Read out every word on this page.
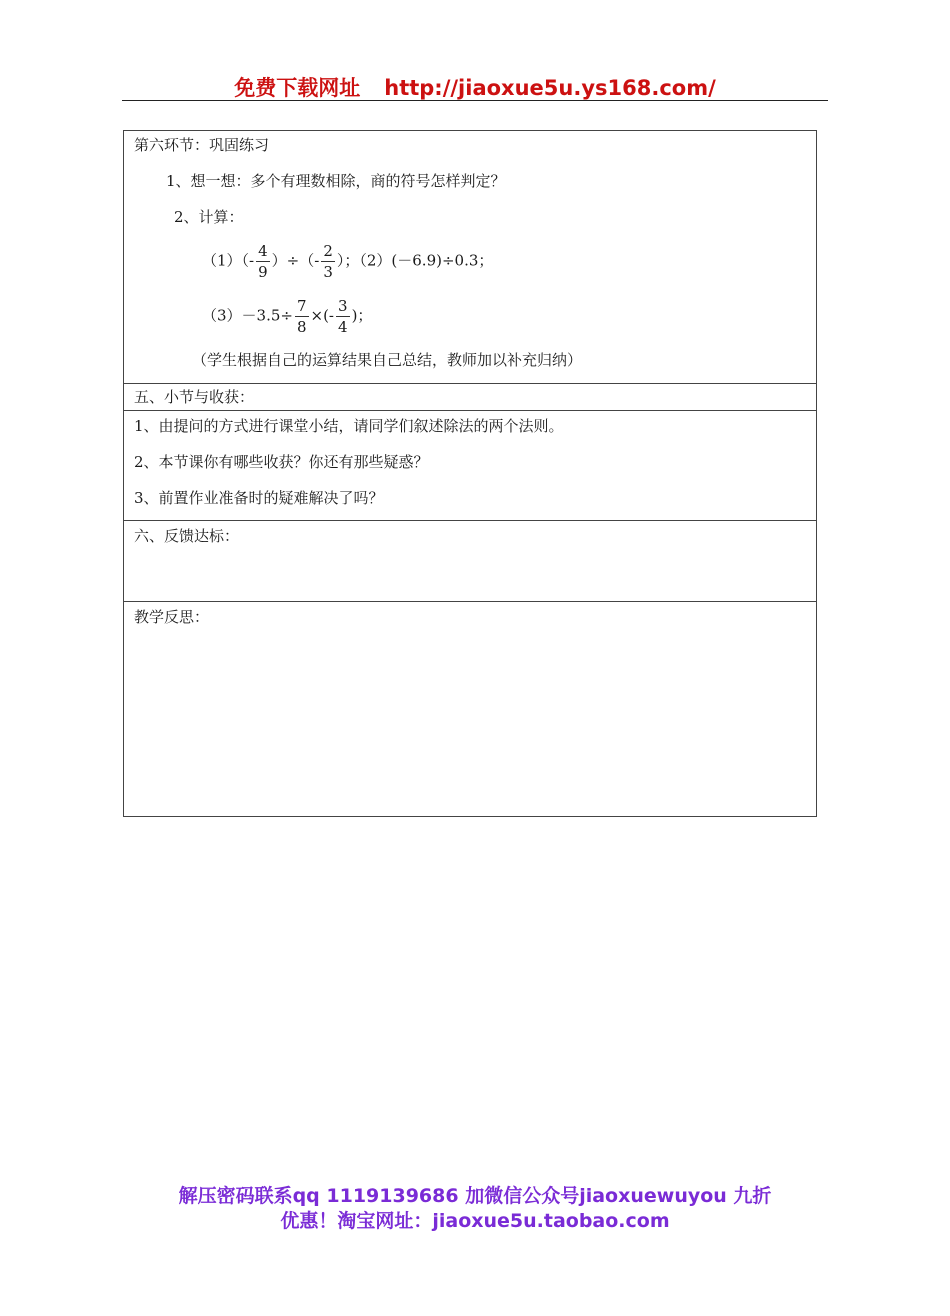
免费下载网址 http://jiaoxue5u.ys168.com/
第六环节：巩固练习
1、想一想：多个有理数相除，商的符号怎样判定？
2、计算：
$(1)(- \frac{4}{9}$ ）÷（- $\frac{2}{3}$ ）；（2）(－6.9)÷0.3；
$(3)-3.5\div \frac{7}{8}$ ×(- $\frac{3}{4}$ )；
（学生根据自己的运算结果自己总结，教师加以补充归纳）
五、小节与收获：
1、由提问的方式进行课堂小结，请同学们叙述除法的两个法则。
2、本节课你有哪些收获？你还有那些疑惑？
3、前置作业准备时的疑难解决了吗？
六、反馈达标：
教学反思：
解压密码联系qq 1119139686 加微信公众号jiaoxuewuyou 九折
优惠！淘宝网址：jiaoxue5u.taobao.com
